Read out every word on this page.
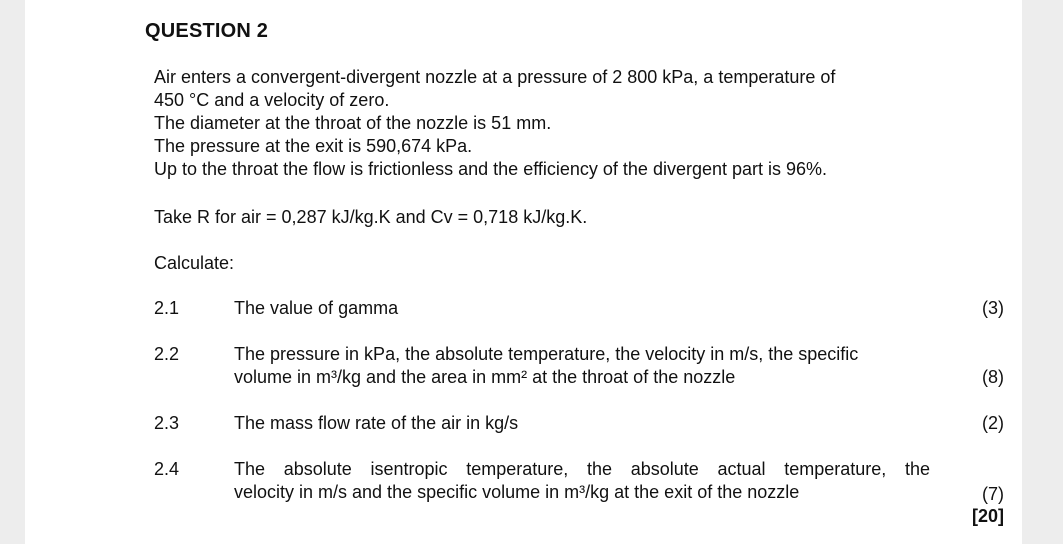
QUESTION 2
Air enters a convergent-divergent nozzle at a pressure of 2 800 kPa, a temperature of
450 °C and a velocity of zero.
The diameter at the throat of the nozzle is 51 mm.
The pressure at the exit is 590,674 kPa.
Up to the throat the flow is frictionless and the efficiency of the divergent part is 96%.
Take R for air = 0,287 kJ/kg.K and Cv = 0,718 kJ/kg.K.
Calculate:
2.1	The value of gamma	(3)
2.2	The pressure in kPa, the absolute temperature, the velocity in m/s, the specific
volume in m³/kg and the area in mm² at the throat of the nozzle	(8)
2.3	The mass flow rate of the air in kg/s	(2)
2.4	The absolute isentropic temperature, the absolute actual temperature, the
velocity in m/s and the specific volume in m³/kg at the exit of the nozzle	(7)
[20]
